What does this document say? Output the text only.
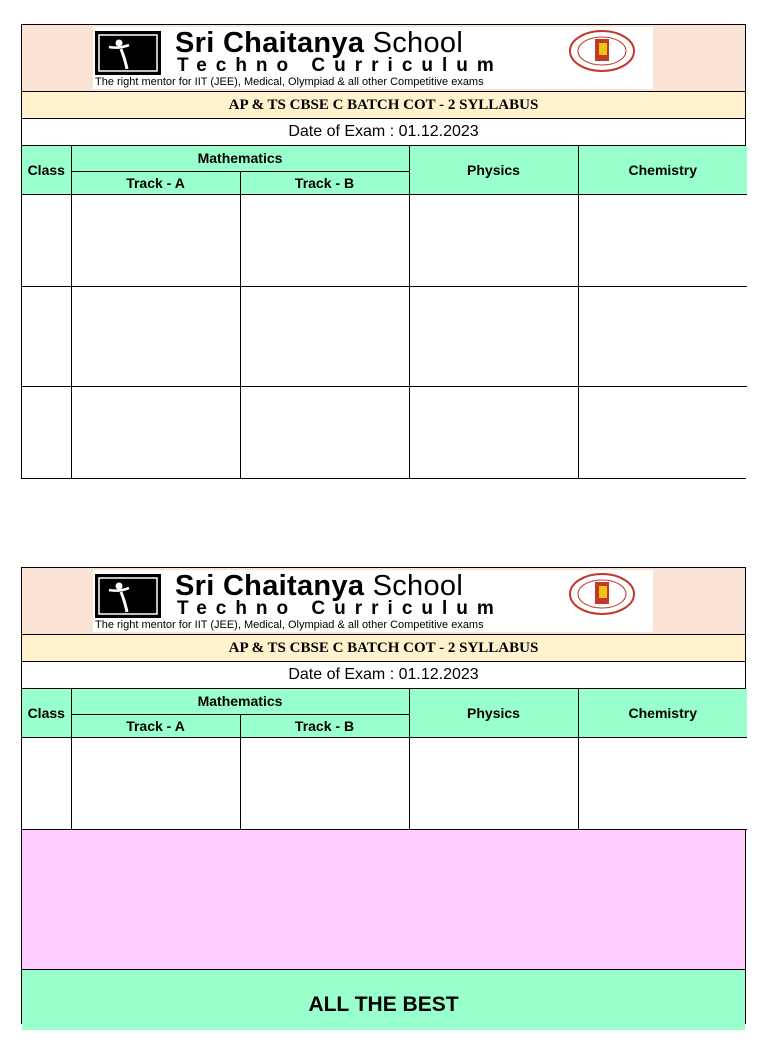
Sri Chaitanya School
Techno Curriculum
The right mentor for IIT (JEE), Medical, Olympiad & all other Competitive exams
AP & TS CBSE C BATCH COT - 2 SYLLABUS
Date of Exam : 01.12.2023
Class	Mathematics		Physics	Chemistry
	Track - A	Track - B		

Sri Chaitanya School
Techno Curriculum
The right mentor for IIT (JEE), Medical, Olympiad & all other Competitive exams
AP & TS CBSE C BATCH COT - 2 SYLLABUS
Date of Exam : 01.12.2023
Class	Mathematics		Physics	Chemistry
	Track - A	Track - B		

ALL THE BEST
